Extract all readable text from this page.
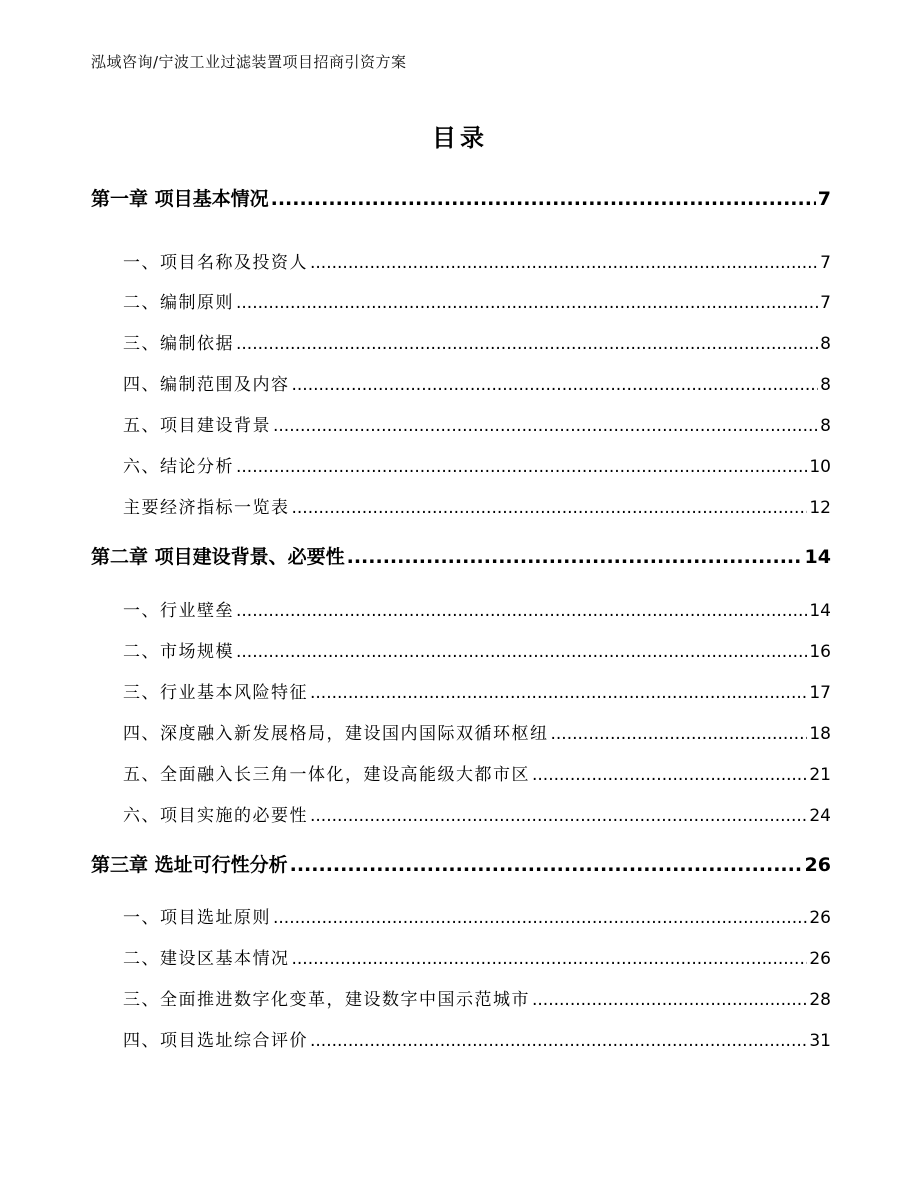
泓域咨询/宁波工业过滤装置项目招商引资方案
目录
第一章 项目基本情况 .....	7
一、 项目名称及投资人 .....	7
二、 编制原则 .....	7
三、 编制依据 .....	8
四、 编制范围及内容 .....	8
五、 项目建设背景 .....	8
六、 结论分析 .....	10
主要经济指标一览表 .....	12
第二章 项目建设背景、必要性 .....	14
一、 行业壁垒 .....	14
二、 市场规模 .....	16
三、 行业基本风险特征 .....	17
四、 深度融入新发展格局，建设国内国际双循环枢纽 .....	18
五、 全面融入长三角一体化，建设高能级大都市区 .....	21
六、 项目实施的必要性 .....	24
第三章 选址可行性分析 .....	26
一、 项目选址原则 .....	26
二、 建设区基本情况 .....	26
三、 全面推进数字化变革，建设数字中国示范城市 .....	28
四、 项目选址综合评价 .....	31
